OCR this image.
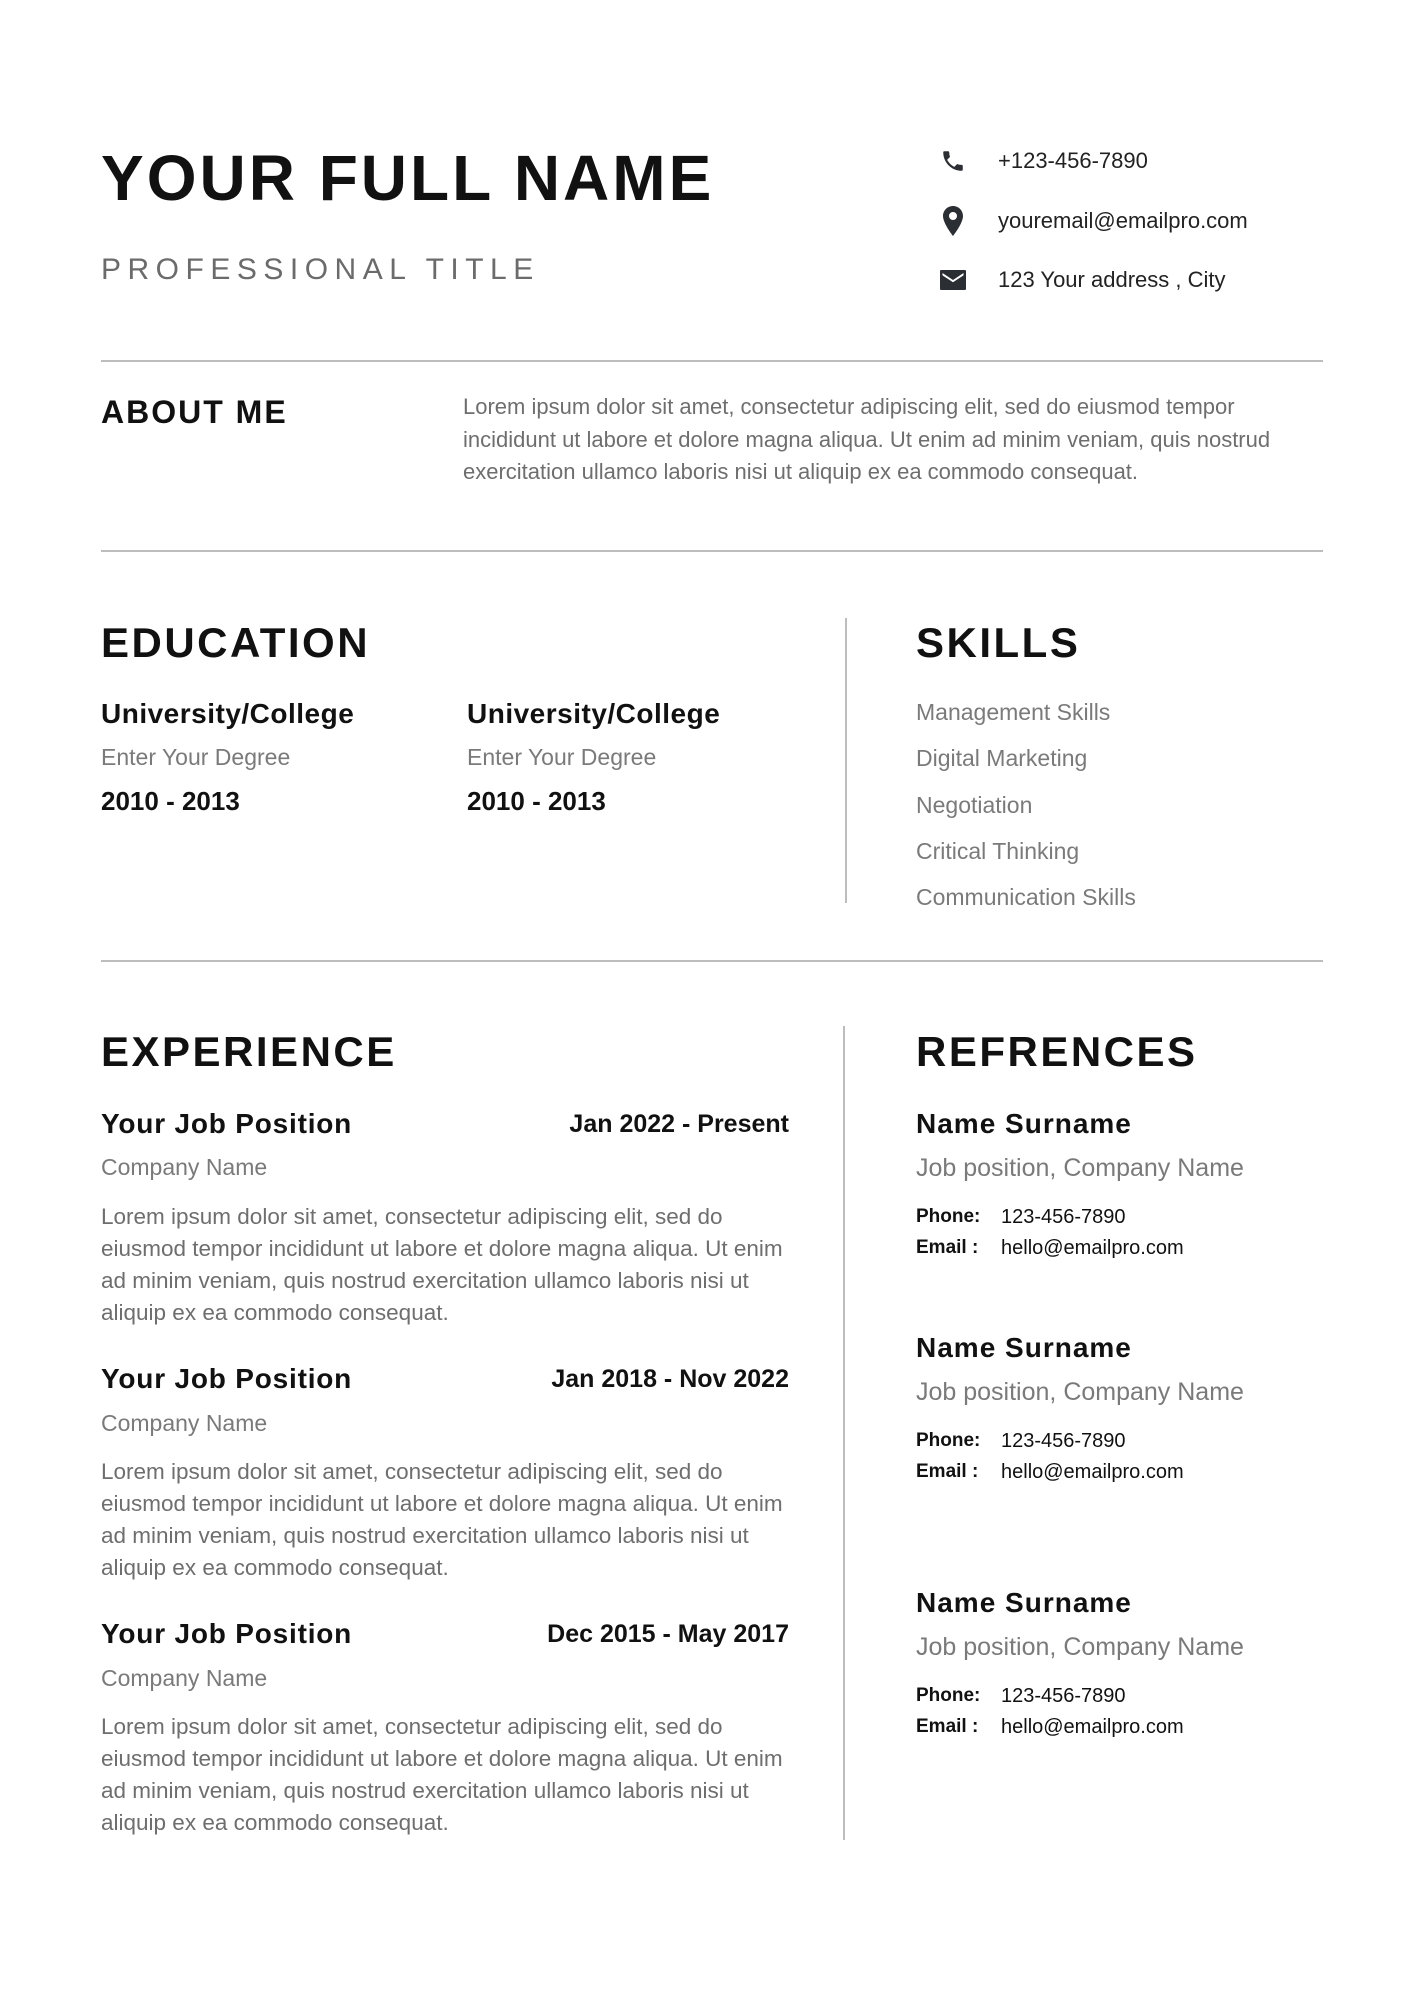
YOUR FULL NAME
PROFESSIONAL TITLE
+123-456-7890
youremail@emailpro.com
123 Your address , City
ABOUT ME	Lorem ipsum dolor sit amet, consectetur adipiscing elit, sed do eiusmod tempor incididunt ut labore et dolore magna aliqua. Ut enim ad minim veniam, quis nostrud exercitation ullamco laboris nisi ut aliquip ex ea commodo consequat.
EDUCATION
University/College
Enter Your Degree
2010 - 2013
University/College
Enter Your Degree
2010 - 2013
SKILLS
Management Skills
Digital Marketing
Negotiation
Critical Thinking
Communication Skills
EXPERIENCE
Your Job Position	Jan 2022 - Present
Company Name
Lorem ipsum dolor sit amet, consectetur adipiscing elit, sed do eiusmod tempor incididunt ut labore et dolore magna aliqua. Ut enim ad minim veniam, quis nostrud exercitation ullamco laboris nisi ut aliquip ex ea commodo consequat.
Your Job Position	Jan 2018 - Nov 2022
Company Name
Lorem ipsum dolor sit amet, consectetur adipiscing elit, sed do eiusmod tempor incididunt ut labore et dolore magna aliqua. Ut enim ad minim veniam, quis nostrud exercitation ullamco laboris nisi ut aliquip ex ea commodo consequat.
Your Job Position	Dec 2015 - May 2017
Company Name
Lorem ipsum dolor sit amet, consectetur adipiscing elit, sed do eiusmod tempor incididunt ut labore et dolore magna aliqua. Ut enim ad minim veniam, quis nostrud exercitation ullamco laboris nisi ut aliquip ex ea commodo consequat.
REFRENCES
Name Surname
Job position, Company Name
Phone:	123-456-7890
Email :	hello@emailpro.com
Name Surname
Job position, Company Name
Phone:	123-456-7890
Email :	hello@emailpro.com
Name Surname
Job position, Company Name
Phone:	123-456-7890
Email :	hello@emailpro.com
